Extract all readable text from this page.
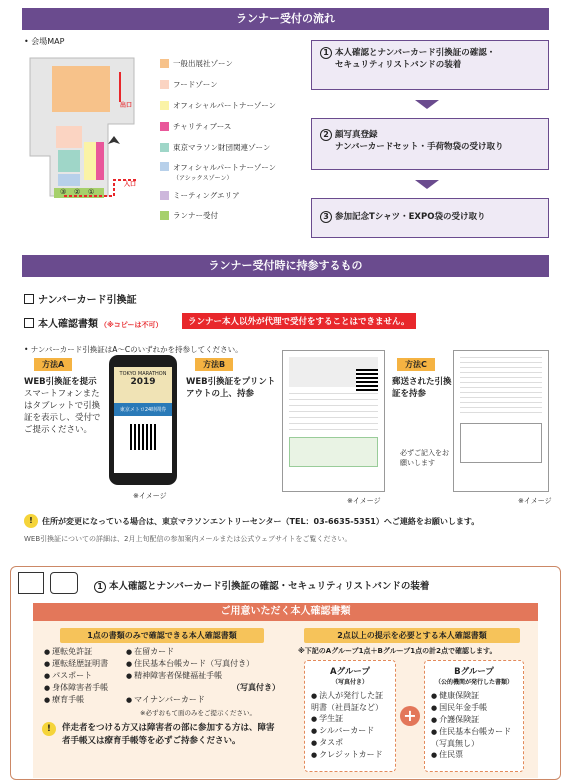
ランナー受付の流れ
• 会場MAP
出口
入口
③ ② ①
一般出展社ゾーン
フードゾーン
オフィシャルパートナーゾーン
チャリティブース
東京マラソン財団関連ゾーン
オフィシャルパートナーゾーン
（アシックスゾーン）
ミーティングエリア
ランナー受付
1 本人確認とナンバーカード引換証の確認・
セキュリティリストバンドの装着
2 顔写真登録
ナンバーカードセット・手荷物袋の受け取り
3 参加記念Tシャツ・EXPO袋の受け取り
ランナー受付時に持参するもの
ナンバーカード引換証
本人確認書類 （※コピーは不可）	ランナー本人以外が代理で受付をすることはできません。
• ナンバーカード引換証はA～Cのいずれかを持参してください。
方法A
WEB引換証を提示
スマートフォンまたはタブレットで引換証を表示し、受付でご提示ください。
TOKYO MARATHON
2019
東京メトロ24時間券
※イメージ
方法B
WEB引換証をプリントアウトの上、持参
※イメージ
方法C
郵送された引換証を持参
必ずご記入をお願いします
※イメージ
!	住所が変更になっている場合は、東京マラソンエントリーセンター（TEL：03-6635-5351）へご連絡をお願いします。
WEB引換証についての詳細は、2月上旬配信の参加案内メールまたは公式ウェブサイトをご覧ください。
1 本人確認とナンバーカード引換証の確認・セキュリティリストバンドの装着
ご用意いただく本人確認書類
1点の書類のみで確認できる本人確認書類
● 運転免許証
● 運転経歴証明書
● パスポート
● 身体障害者手帳
● 療育手帳
● 在留カード
● 住民基本台帳カード（写真付き）
● 精神障害者保健福祉手帳
（写真付き）
● マイナンバーカード
※必ずおもて面のみをご提示ください。
!	伴走者をつける方又は障害者の部に参加する方は、障害者手帳又は療育手帳等を必ずご持参ください。
2点以上の提示を必要とする本人確認書類
※下記のAグループ1点＋Bグループ1点の計2点で確認します。
Aグループ
（写真付き）
● 法人が発行した証明書（社員証など）
● 学生証
● シルバーカード
● タスポ
● クレジットカード
+
Bグループ
（公的機関が発行した書類）
● 健康保険証
● 国民年金手帳
● 介護保険証
● 住民基本台帳カード（写真無し）
● 住民票
